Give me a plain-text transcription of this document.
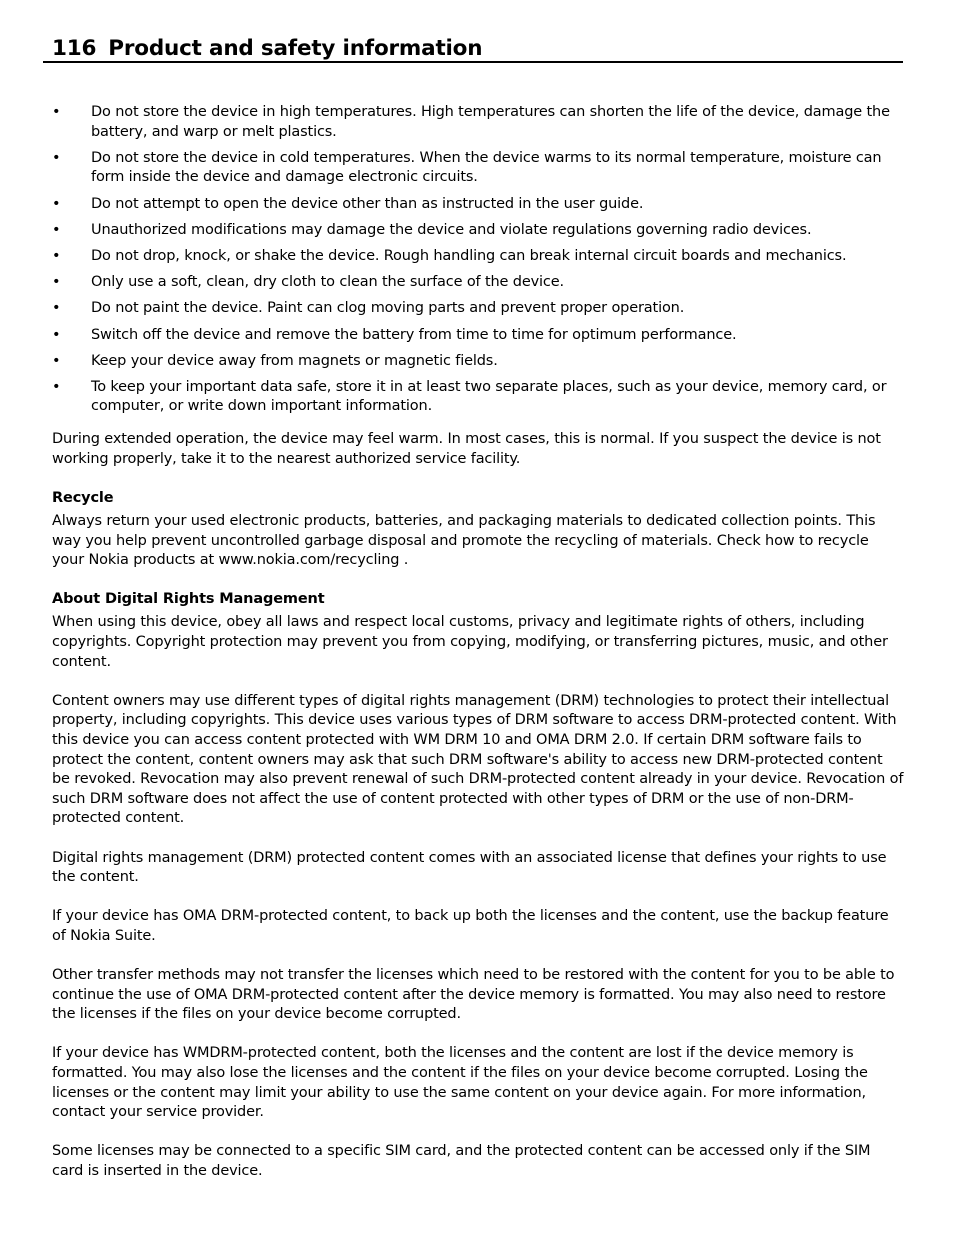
116 Product and safety information
• Do not store the device in high temperatures. High temperatures can shorten the life of the device, damage the battery, and warp or melt plastics.
• Do not store the device in cold temperatures. When the device warms to its normal temperature, moisture can form inside the device and damage electronic circuits.
• Do not attempt to open the device other than as instructed in the user guide.
• Unauthorized modifications may damage the device and violate regulations governing radio devices.
• Do not drop, knock, or shake the device. Rough handling can break internal circuit boards and mechanics.
• Only use a soft, clean, dry cloth to clean the surface of the device.
• Do not paint the device. Paint can clog moving parts and prevent proper operation.
• Switch off the device and remove the battery from time to time for optimum performance.
• Keep your device away from magnets or magnetic fields.
• To keep your important data safe, store it in at least two separate places, such as your device, memory card, or computer, or write down important information.

During extended operation, the device may feel warm. In most cases, this is normal. If you suspect the device is not working properly, take it to the nearest authorized service facility.

Recycle

Always return your used electronic products, batteries, and packaging materials to dedicated collection points. This way you help prevent uncontrolled garbage disposal and promote the recycling of materials. Check how to recycle your Nokia products at www.nokia.com/recycling .

About Digital Rights Management

When using this device, obey all laws and respect local customs, privacy and legitimate rights of others, including copyrights. Copyright protection may prevent you from copying, modifying, or transferring pictures, music, and other content.

Content owners may use different types of digital rights management (DRM) technologies to protect their intellectual property, including copyrights. This device uses various types of DRM software to access DRM-protected content. With this device you can access content protected with WM DRM 10 and OMA DRM 2.0. If certain DRM software fails to protect the content, content owners may ask that such DRM software's ability to access new DRM-protected content be revoked. Revocation may also prevent renewal of such DRM-protected content already in your device. Revocation of such DRM software does not affect the use of content protected with other types of DRM or the use of non-DRM-protected content.

Digital rights management (DRM) protected content comes with an associated license that defines your rights to use the content.

If your device has OMA DRM-protected content, to back up both the licenses and the content, use the backup feature of Nokia Suite.

Other transfer methods may not transfer the licenses which need to be restored with the content for you to be able to continue the use of OMA DRM-protected content after the device memory is formatted. You may also need to restore the licenses if the files on your device become corrupted.

If your device has WMDRM-protected content, both the licenses and the content are lost if the device memory is formatted. You may also lose the licenses and the content if the files on your device become corrupted. Losing the licenses or the content may limit your ability to use the same content on your device again. For more information, contact your service provider.

Some licenses may be connected to a specific SIM card, and the protected content can be accessed only if the SIM card is inserted in the device.
